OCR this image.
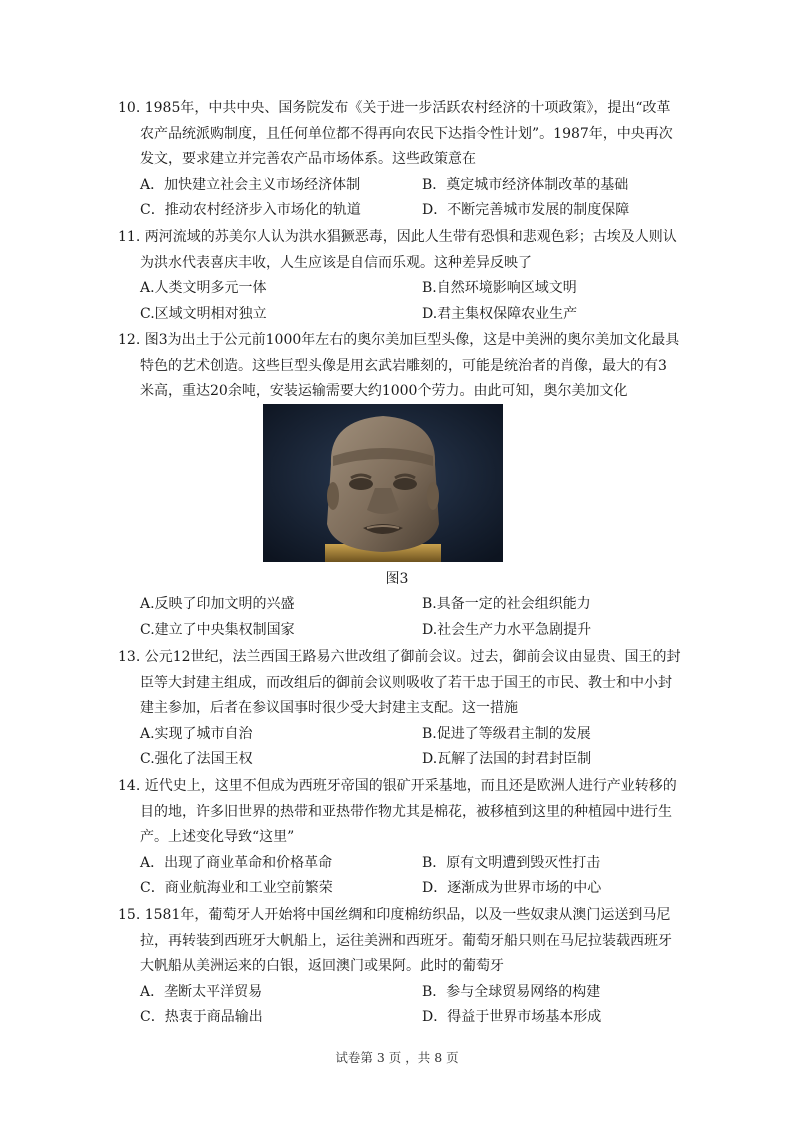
10. 1985年，中共中央、国务院发布《关于进一步活跃农村经济的十项政策》，提出“改革
农产品统派购制度，且任何单位都不得再向农民下达指令性计划”。1987年，中央再次
发文，要求建立并完善农产品市场体系。这些政策意在

A．加快建立社会主义市场经济体制	B．奠定城市经济体制改革的基础
C．推动农村经济步入市场化的轨道	D．不断完善城市发展的制度保障

11. 两河流域的苏美尔人认为洪水猖獗恶毒，因此人生带有恐惧和悲观色彩；古埃及人则认
为洪水代表喜庆丰收，人生应该是自信而乐观。这种差异反映了

A.人类文明多元一体	B.自然环境影响区域文明
C.区域文明相对独立	D.君主集权保障农业生产

12. 图3为出土于公元前1000年左右的奥尔美加巨型头像，这是中美洲的奥尔美加文化最具
特色的艺术创造。这些巨型头像是用玄武岩雕刻的，可能是统治者的肖像，最大的有3
米高，重达20余吨，安装运输需要大约1000个劳力。由此可知，奥尔美加文化

图3
A.反映了印加文明的兴盛	B.具备一定的社会组织能力
C.建立了中央集权制国家	D.社会生产力水平急剧提升

13. 公元12世纪，法兰西国王路易六世改组了御前会议。过去，御前会议由显贵、国王的封
臣等大封建主组成，而改组后的御前会议则吸收了若干忠于国王的市民、教士和中小封
建主参加，后者在参议国事时很少受大封建主支配。这一措施

A.实现了城市自治	B.促进了等级君主制的发展
C.强化了法国王权	D.瓦解了法国的封君封臣制

14. 近代史上，这里不但成为西班牙帝国的银矿开采基地，而且还是欧洲人进行产业转移的
目的地，许多旧世界的热带和亚热带作物尤其是棉花，被移植到这里的种植园中进行生
产。上述变化导致“这里”

A．出现了商业革命和价格革命	B．原有文明遭到毁灭性打击
C．商业航海业和工业空前繁荣	D．逐渐成为世界市场的中心

15. 1581年，葡萄牙人开始将中国丝绸和印度棉纺织品，以及一些奴隶从澳门运送到马尼
拉，再转装到西班牙大帆船上，运往美洲和西班牙。葡萄牙船只则在马尼拉装载西班牙
大帆船从美洲运来的白银，返回澳门或果阿。此时的葡萄牙

A．垄断太平洋贸易	B．参与全球贸易网络的构建
C．热衷于商品输出	D．得益于世界市场基本形成
试卷第 3 页 ，共 8 页
